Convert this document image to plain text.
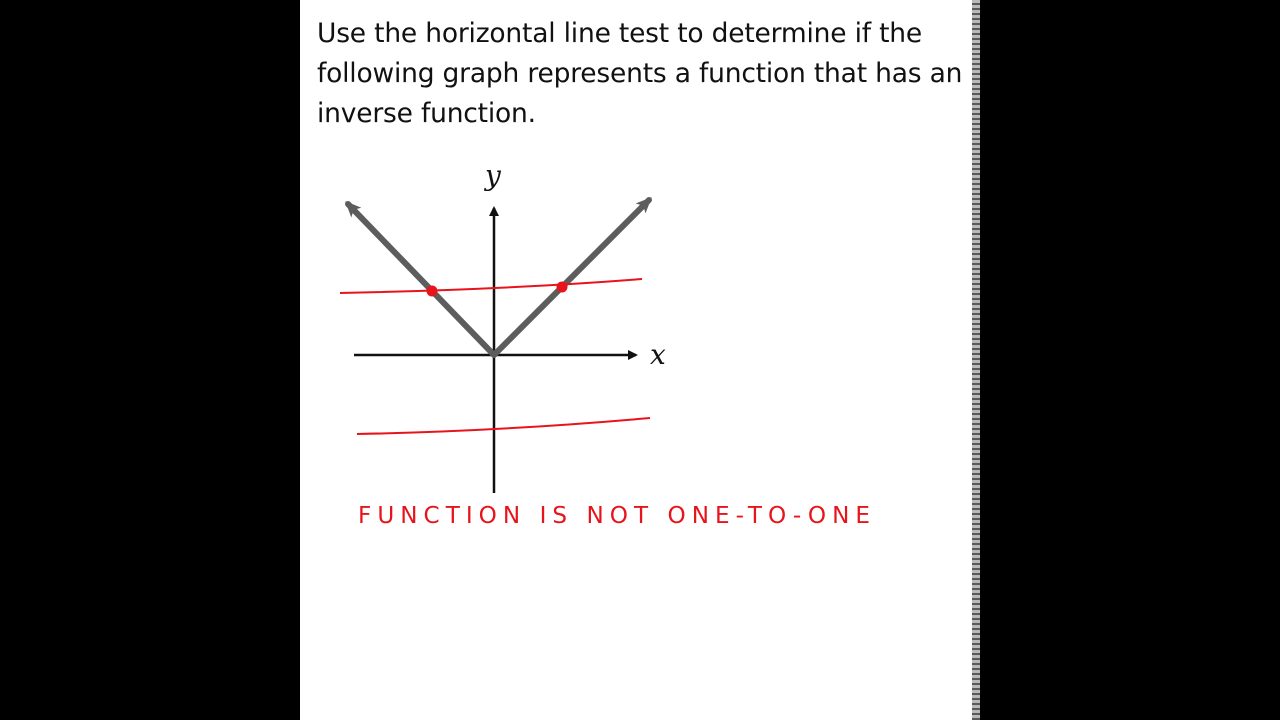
Use the horizontal line test to determine if the following graph represents a function that has an inverse function.

x
y
FUNCTION IS NOT ONE-TO-ONE
